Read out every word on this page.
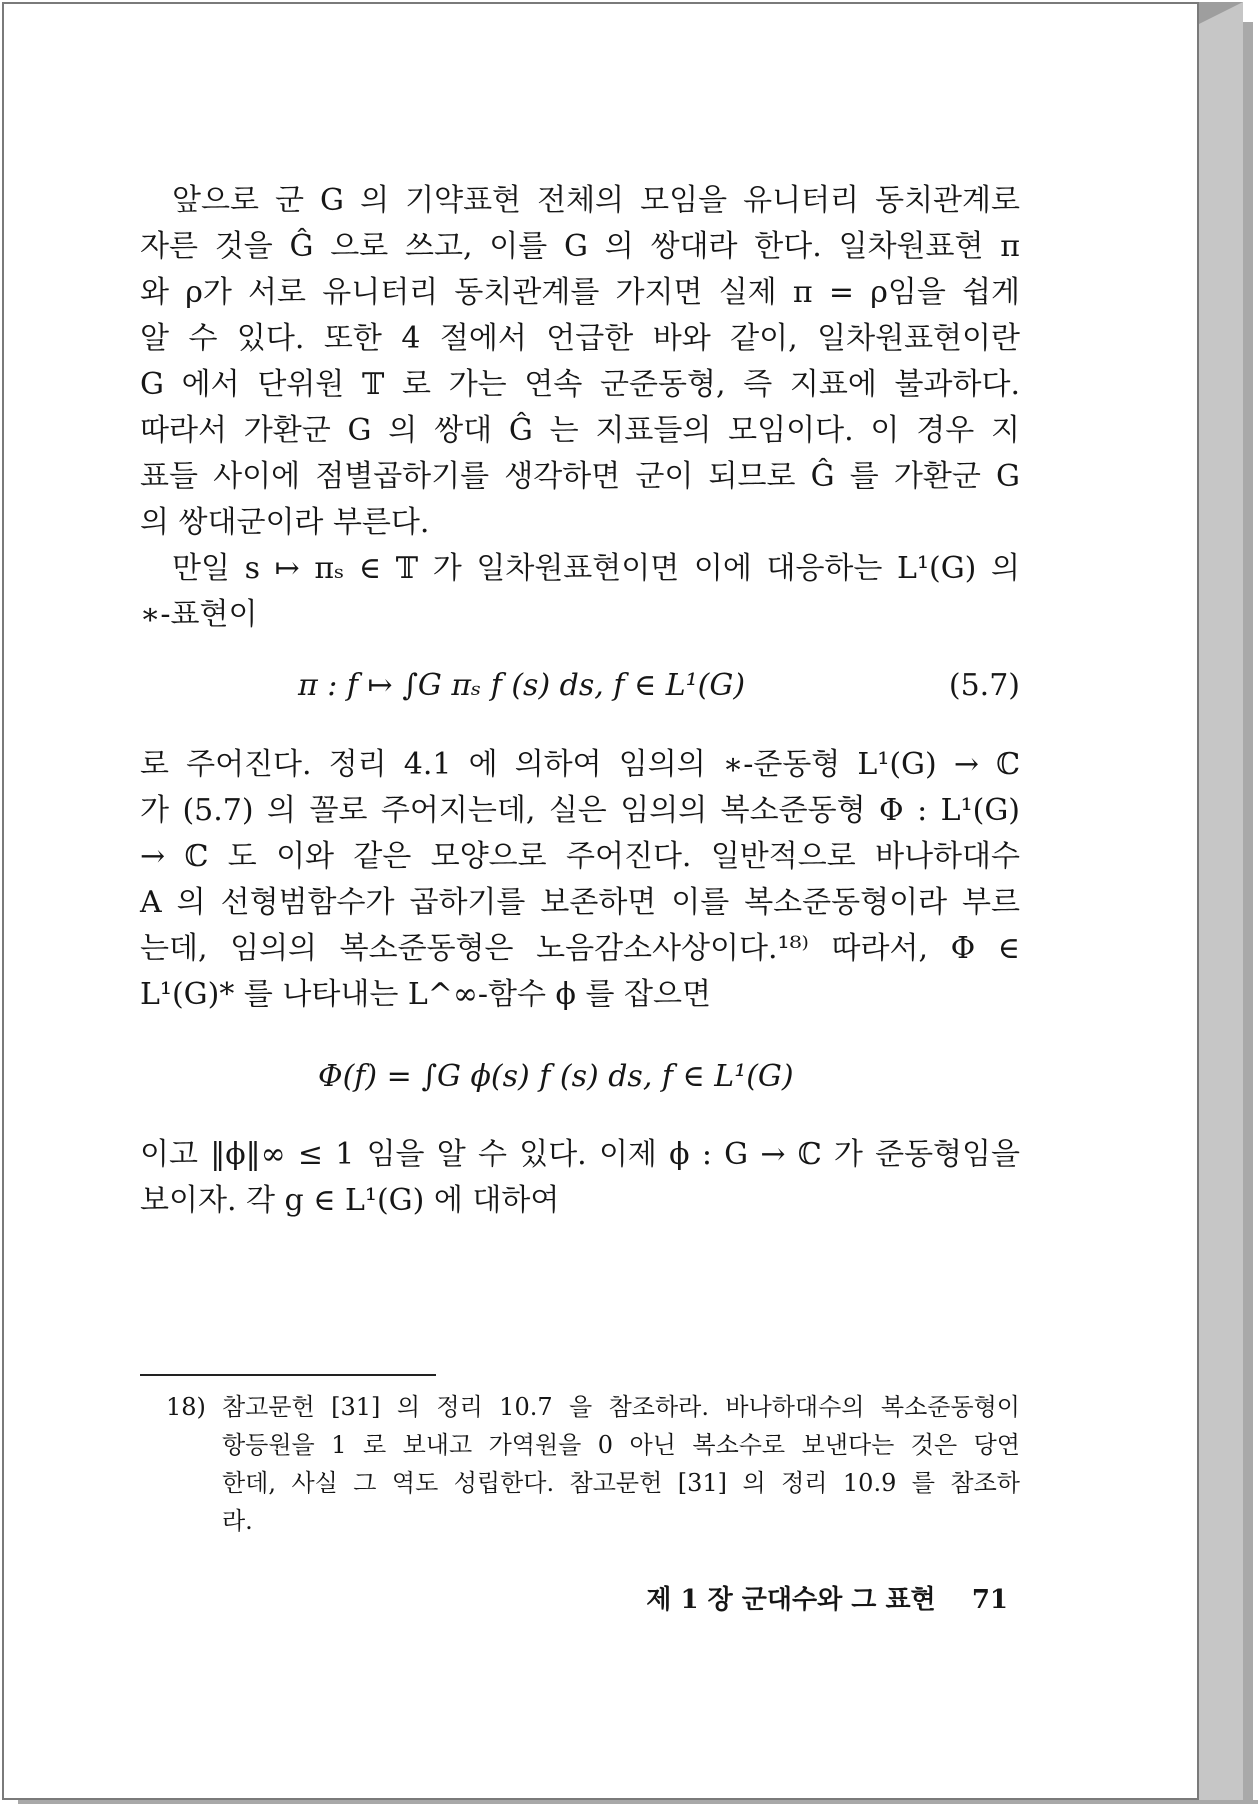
앞으로 군 G 의 기약표현 전체의 모임을 유니터리 동치관계로
자른 것을 Ĝ 으로 쓰고, 이를 G 의 쌍대라 한다. 일차원표현 π
와 ρ가 서로 유니터리 동치관계를 가지면 실제 π = ρ임을 쉽게
알 수 있다. 또한 4 절에서 언급한 바와 같이, 일차원표현이란
G 에서 단위원 𝕋 로 가는 연속 군준동형, 즉 지표에 불과하다.
따라서 가환군 G 의 쌍대 Ĝ 는 지표들의 모임이다. 이 경우 지
표들 사이에 점별곱하기를 생각하면 군이 되므로 Ĝ 를 가환군 G
의 쌍대군이라 부른다.
만일 s ↦ πₛ ∈ 𝕋 가 일차원표현이면 이에 대응하는 L¹(G) 의
∗-표현이
π : f ↦ ∫G πₛ f (s) ds, f ∈ L¹(G)	(5.7)
로 주어진다. 정리 4.1 에 의하여 임의의 ∗-준동형 L¹(G) → ℂ
가 (5.7) 의 꼴로 주어지는데, 실은 임의의 복소준동형 Φ : L¹(G)
→ ℂ 도 이와 같은 모양으로 주어진다. 일반적으로 바나하대수
A 의 선형범함수가 곱하기를 보존하면 이를 복소준동형이라 부르
는데, 임의의 복소준동형은 노음감소사상이다.¹⁸⁾ 따라서, Φ ∈
L¹(G)* 를 나타내는 L^∞-함수 ϕ 를 잡으면
Φ(f) = ∫G ϕ(s) f (s) ds, f ∈ L¹(G)
이고 ‖ϕ‖∞ ≤ 1 임을 알 수 있다. 이제 ϕ : G → ℂ 가 준동형임을
보이자. 각 g ∈ L¹(G) 에 대하여
18) 참고문헌 [31] 의 정리 10.7 을 참조하라. 바나하대수의 복소준동형이
항등원을 1 로 보내고 가역원을 0 아닌 복소수로 보낸다는 것은 당연
한데, 사실 그 역도 성립한다. 참고문헌 [31] 의 정리 10.9 를 참조하
라.
제 1 장 군대수와 그 표현 71
